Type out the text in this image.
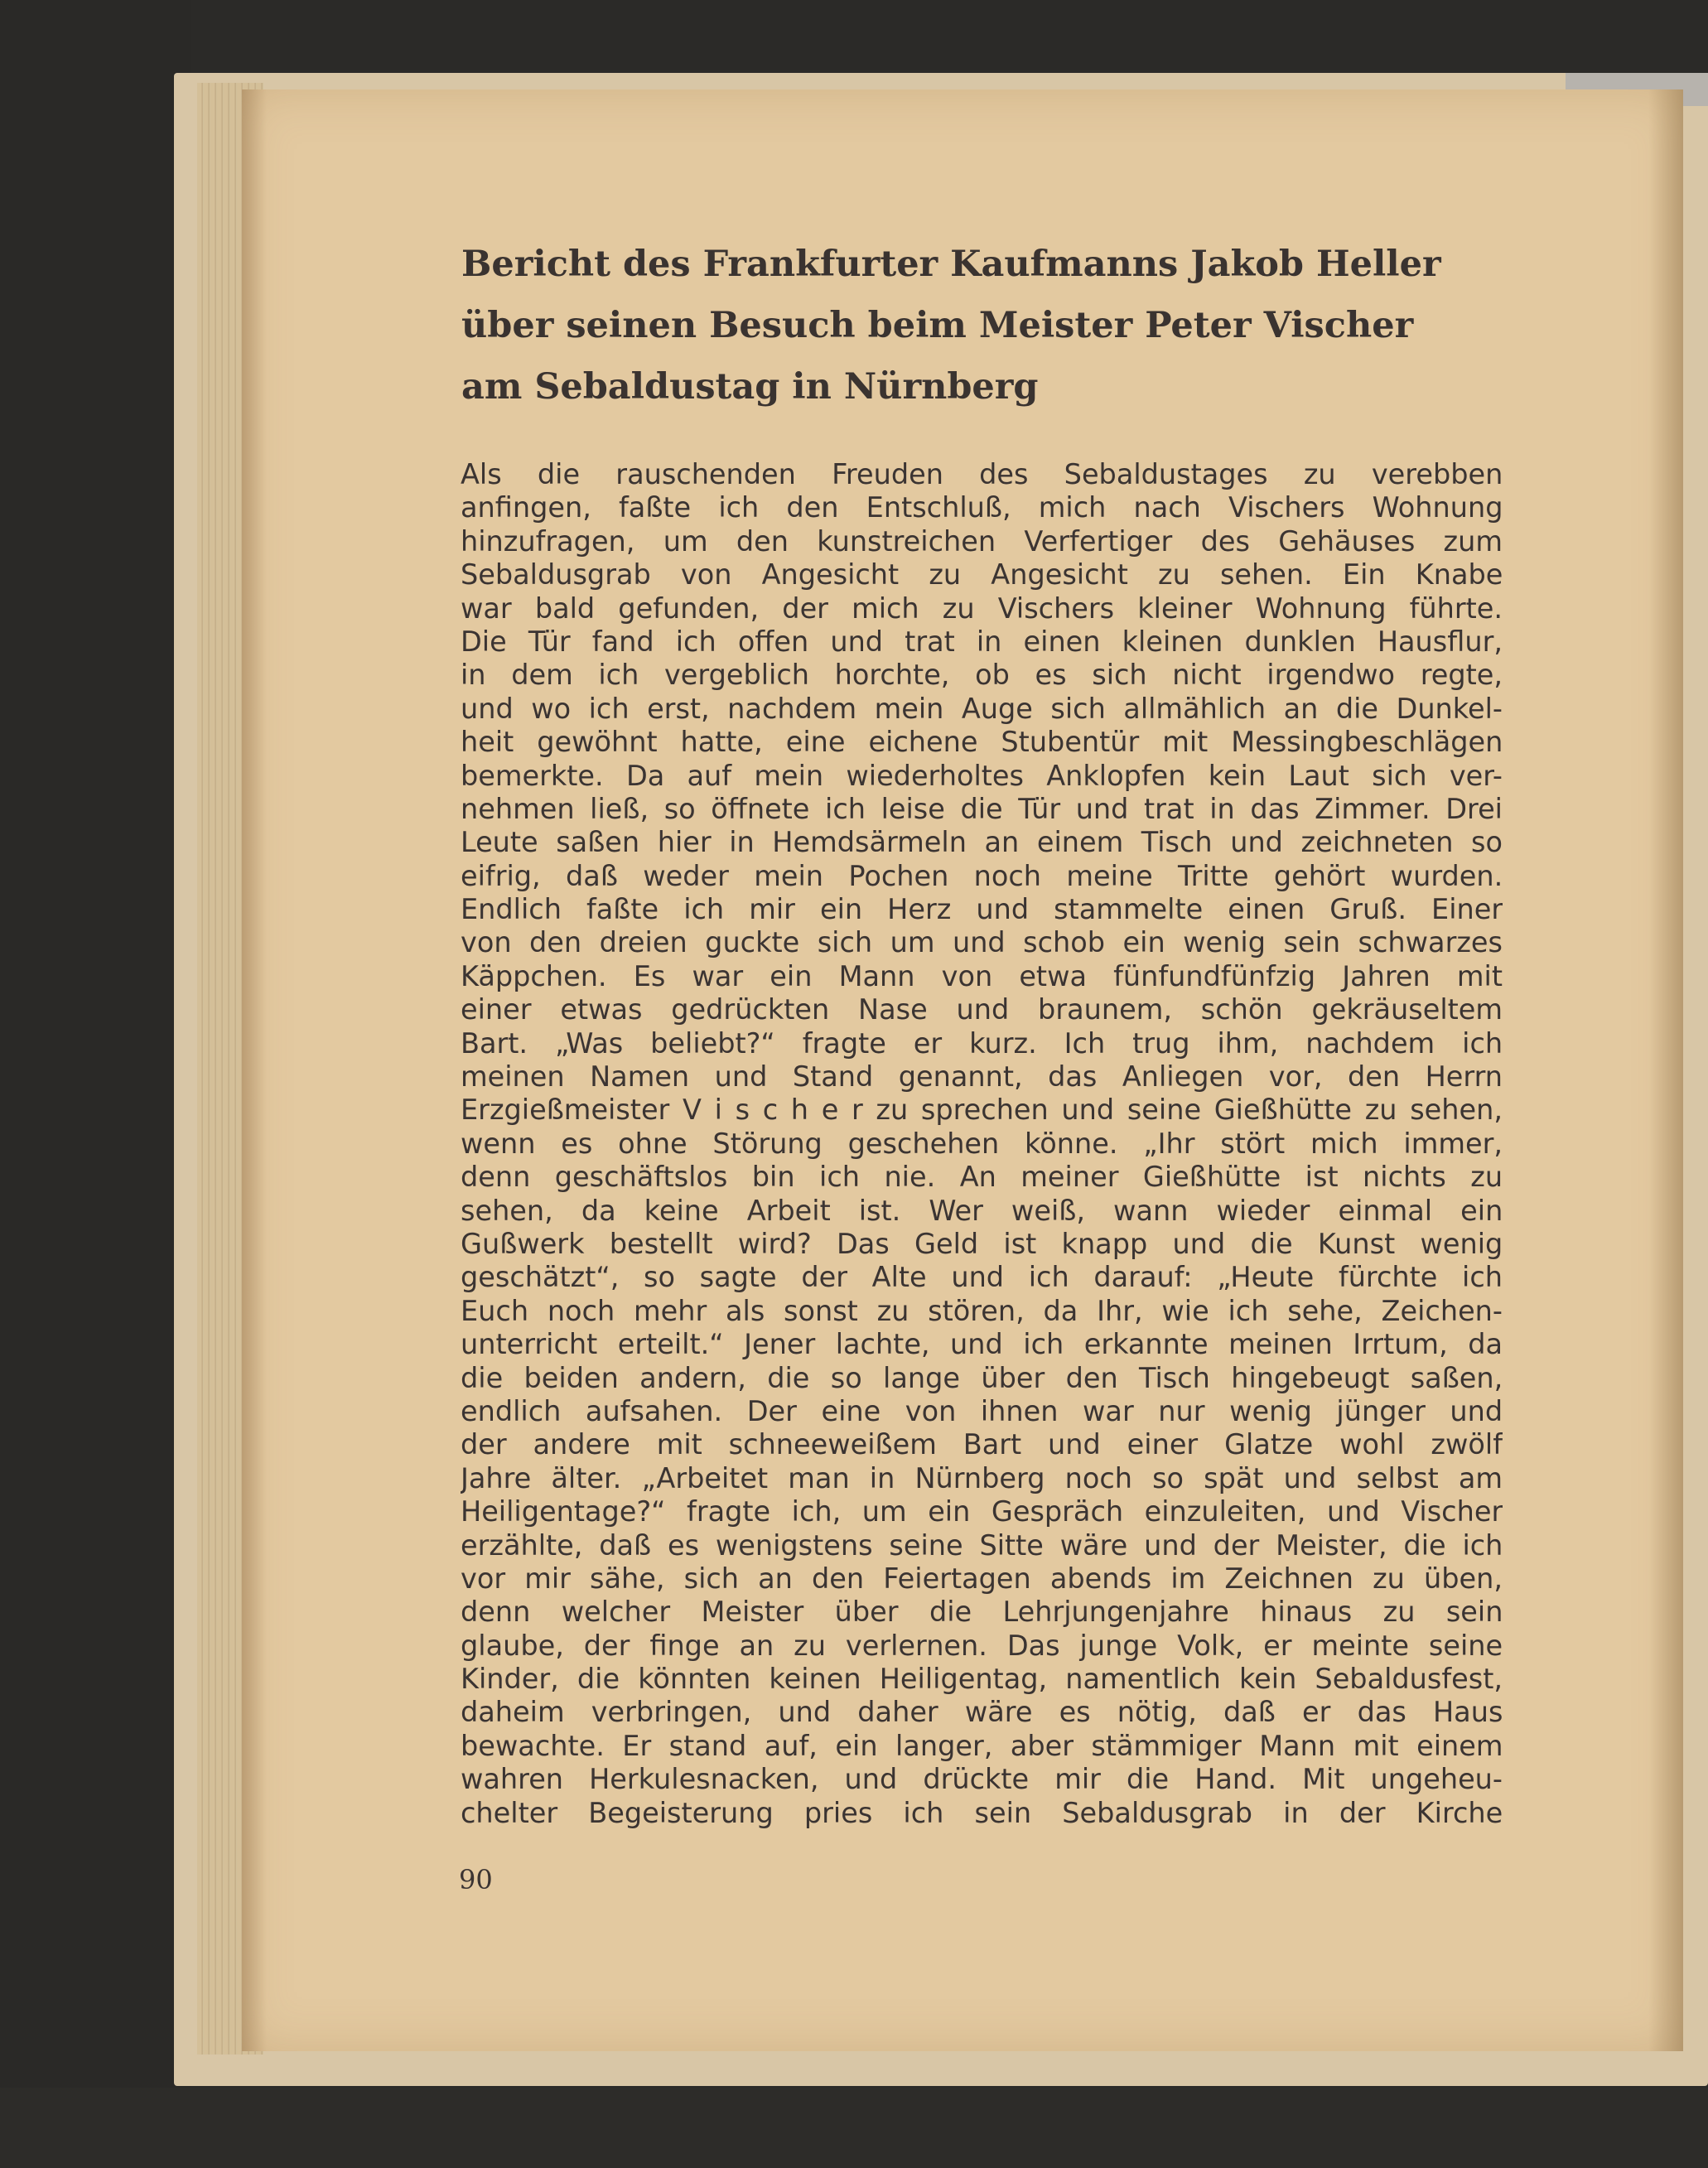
Bericht des Frankfurter Kaufmanns Jakob Heller
über seinen Besuch beim Meister Peter Vischer
am Sebaldustag in Nürnberg
Als die rauschenden Freuden des Sebaldustages zu verebben
anfingen, faßte ich den Entschluß, mich nach Vischers Wohnung
hinzufragen, um den kunstreichen Verfertiger des Gehäuses zum
Sebaldusgrab von Angesicht zu Angesicht zu sehen. Ein Knabe
war bald gefunden, der mich zu Vischers kleiner Wohnung führte.
Die Tür fand ich offen und trat in einen kleinen dunklen Hausflur,
in dem ich vergeblich horchte, ob es sich nicht irgendwo regte,
und wo ich erst, nachdem mein Auge sich allmählich an die Dunkel-
heit gewöhnt hatte, eine eichene Stubentür mit Messingbeschlägen
bemerkte. Da auf mein wiederholtes Anklopfen kein Laut sich ver-
nehmen ließ, so öffnete ich leise die Tür und trat in das Zimmer. Drei
Leute saßen hier in Hemdsärmeln an einem Tisch und zeichneten so
eifrig, daß weder mein Pochen noch meine Tritte gehört wurden.
Endlich faßte ich mir ein Herz und stammelte einen Gruß. Einer
von den dreien guckte sich um und schob ein wenig sein schwarzes
Käppchen. Es war ein Mann von etwa fünfundfünfzig Jahren mit
einer etwas gedrückten Nase und braunem, schön gekräuseltem
Bart. „Was beliebt?“ fragte er kurz. Ich trug ihm, nachdem ich
meinen Namen und Stand genannt, das Anliegen vor, den Herrn
Erzgießmeister V i s c h e r zu sprechen und seine Gießhütte zu sehen,
wenn es ohne Störung geschehen könne. „Ihr stört mich immer,
denn geschäftslos bin ich nie. An meiner Gießhütte ist nichts zu
sehen, da keine Arbeit ist. Wer weiß, wann wieder einmal ein
Gußwerk bestellt wird? Das Geld ist knapp und die Kunst wenig
geschätzt“, so sagte der Alte und ich darauf: „Heute fürchte ich
Euch noch mehr als sonst zu stören, da Ihr, wie ich sehe, Zeichen-
unterricht erteilt.“ Jener lachte, und ich erkannte meinen Irrtum, da
die beiden andern, die so lange über den Tisch hingebeugt saßen,
endlich aufsahen. Der eine von ihnen war nur wenig jünger und
der andere mit schneeweißem Bart und einer Glatze wohl zwölf
Jahre älter. „Arbeitet man in Nürnberg noch so spät und selbst am
Heiligentage?“ fragte ich, um ein Gespräch einzuleiten, und Vischer
erzählte, daß es wenigstens seine Sitte wäre und der Meister, die ich
vor mir sähe, sich an den Feiertagen abends im Zeichnen zu üben,
denn welcher Meister über die Lehrjungenjahre hinaus zu sein
glaube, der finge an zu verlernen. Das junge Volk, er meinte seine
Kinder, die könnten keinen Heiligentag, namentlich kein Sebaldusfest,
daheim verbringen, und daher wäre es nötig, daß er das Haus
bewachte. Er stand auf, ein langer, aber stämmiger Mann mit einem
wahren Herkulesnacken, und drückte mir die Hand. Mit ungeheu-
chelter Begeisterung pries ich sein Sebaldusgrab in der Kirche
90
